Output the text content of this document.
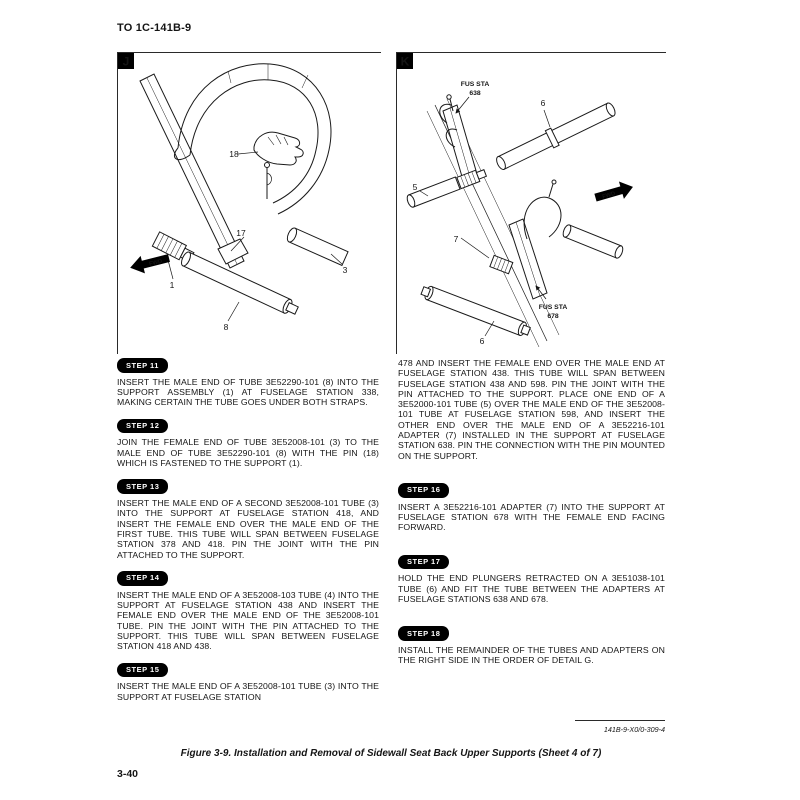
TO 1C-141B-9
J
FWD
18
17
1
8
3
K
FWD
FUS STA
638
FUS STA
678
6
5
7
6
STEP 11

INSERT THE MALE END OF TUBE 3E52290-101 (8) INTO THE SUPPORT ASSEMBLY (1) AT FUSELAGE STATION 338, MAKING CERTAIN THE TUBE GOES UNDER BOTH STRAPS.

STEP 12

JOIN THE FEMALE END OF TUBE 3E52008-101 (3) TO THE MALE END OF TUBE 3E52290-101 (8) WITH THE PIN (18) WHICH IS FASTENED TO THE SUPPORT (1).

STEP 13

INSERT THE MALE END OF A SECOND 3E52008-101 TUBE (3) INTO THE SUPPORT AT FUSELAGE STATION 418, AND INSERT THE FEMALE END OVER THE MALE END OF THE FIRST TUBE. THIS TUBE WILL SPAN BETWEEN FUSELAGE STATION 378 AND 418. PIN THE JOINT WITH THE PIN ATTACHED TO THE SUPPORT.

STEP 14

INSERT THE MALE END OF A 3E52008-103 TUBE (4) INTO THE SUPPORT AT FUSELAGE STATION 438 AND INSERT THE FEMALE END OVER THE MALE END OF THE 3E52008-101 TUBE. PIN THE JOINT WITH THE PIN ATTACHED TO THE SUPPORT. THIS TUBE WILL SPAN BETWEEN FUSELAGE STATION 418 AND 438.

STEP 15

INSERT THE MALE END OF A 3E52008-101 TUBE (3) INTO THE SUPPORT AT FUSELAGE STATION

478 AND INSERT THE FEMALE END OVER THE MALE END AT FUSELAGE STATION 438. THIS TUBE WILL SPAN BETWEEN FUSELAGE STATION 438 AND 598. PIN THE JOINT WITH THE PIN ATTACHED TO THE SUPPORT. PLACE ONE END OF A 3E52000-101 TUBE (5) OVER THE MALE END OF THE 3E52008-101 TUBE AT FUSELAGE STATION 598, AND INSERT THE OTHER END OVER THE MALE END OF A 3E52216-101 ADAPTER (7) INSTALLED IN THE SUPPORT AT FUSELAGE STATION 638. PIN THE CONNECTION WITH THE PIN MOUNTED ON THE SUPPORT.

STEP 16

INSERT A 3E52216-101 ADAPTER (7) INTO THE SUPPORT AT FUSELAGE STATION 678 WITH THE FEMALE END FACING FORWARD.

STEP 17

HOLD THE END PLUNGERS RETRACTED ON A 3E51038-101 TUBE (6) AND FIT THE TUBE BETWEEN THE ADAPTERS AT FUSELAGE STATIONS 638 AND 678.

STEP 18

INSTALL THE REMAINDER OF THE TUBES AND ADAPTERS ON THE RIGHT SIDE IN THE ORDER OF DETAIL G.

141B-9-X0/0-309-4
Figure 3-9. Installation and Removal of Sidewall Seat Back Upper Supports (Sheet 4 of 7)
3-40
